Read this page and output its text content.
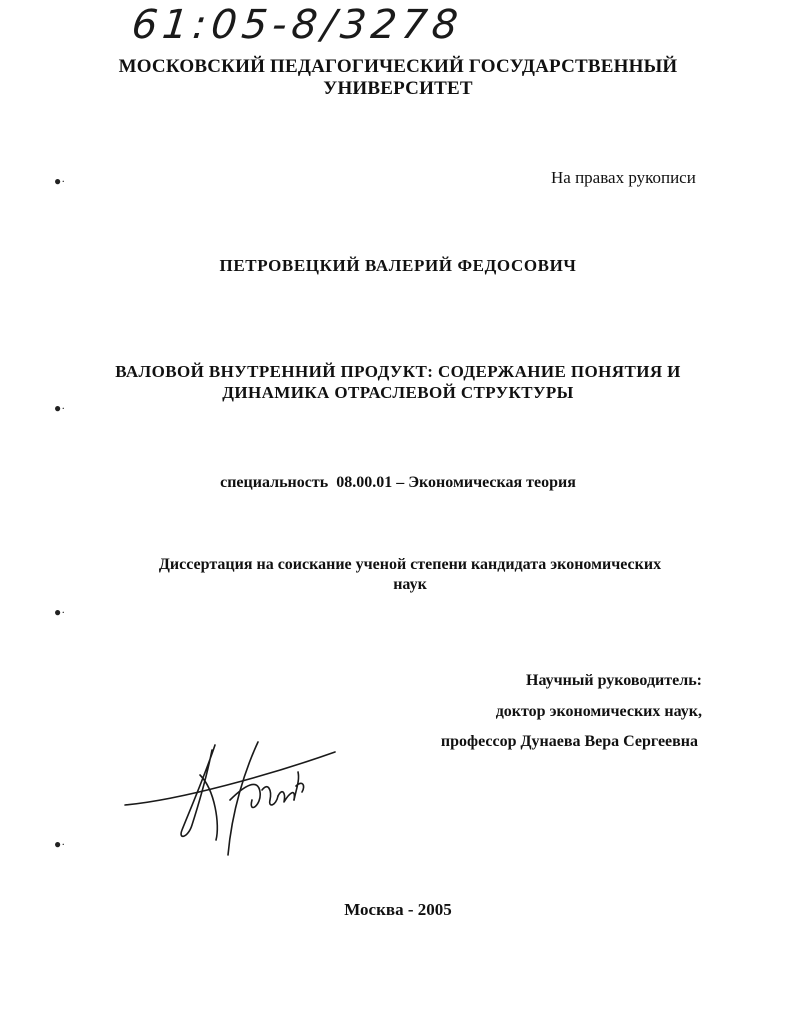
61:05-8/3278
МОСКОВСКИЙ ПЕДАГОГИЧЕСКИЙ ГОСУДАРСТВЕННЫЙ
УНИВЕРСИТЕТ
На правах рукописи
ПЕТРОВЕЦКИЙ ВАЛЕРИЙ ФЕДОСОВИЧ
ВАЛОВОЙ ВНУТРЕННИЙ ПРОДУКТ: СОДЕРЖАНИЕ ПОНЯТИЯ И
ДИНАМИКА ОТРАСЛЕВОЙ СТРУКТУРЫ
специальность  08.00.01 – Экономическая теория
Диссертация на соискание ученой степени кандидата экономических
наук
Научный руководитель:
доктор экономических наук,
профессор Дунаева Вера Сергеевна
●·
●·
●·
●·
Москва - 2005
